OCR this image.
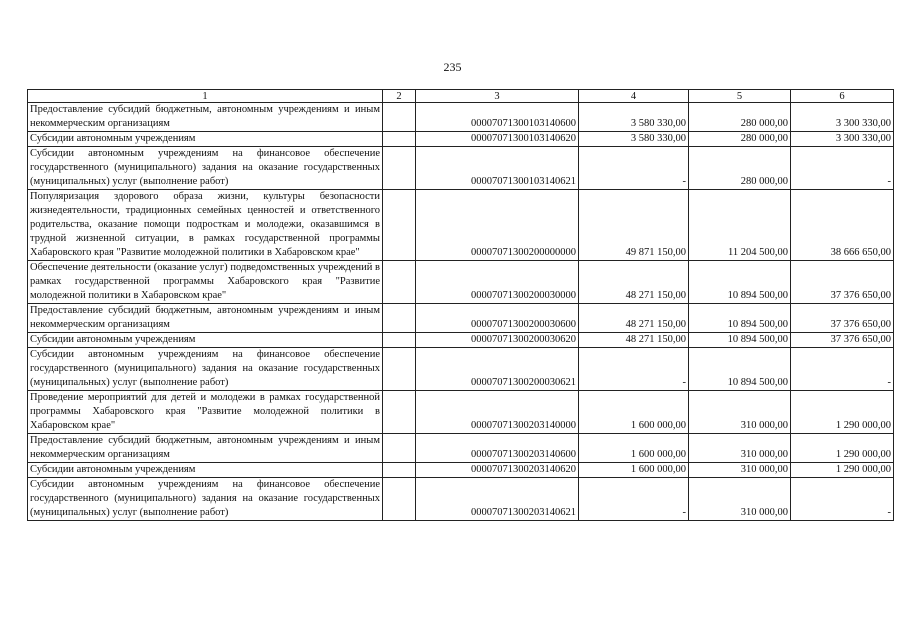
235
1	2	3	4	5	6
Предоставление субсидий бюджетным, автономным учреждениям и иным некоммерческим организациям		00007071300103140600	3 580 330,00	280 000,00	3 300 330,00
Субсидии автономным учреждениям		00007071300103140620	3 580 330,00	280 000,00	3 300 330,00
Субсидии автономным учреждениям на финансовое обеспечение государственного (муниципального) задания на оказание государственных (муниципальных) услуг (выполнение работ)		00007071300103140621	-	280 000,00	-
Популяризация здорового образа жизни, культуры безопасности жизнедеятельности, традиционных семейных ценностей и ответственного родительства, оказание помощи подросткам и молодежи, оказавшимся в трудной жизненной ситуации, в рамках государственной программы Хабаровского края "Развитие молодежной политики в Хабаровском крае"		00007071300200000000	49 871 150,00	11 204 500,00	38 666 650,00
Обеспечение деятельности (оказание услуг) подведомственных учреждений в рамках государственной программы Хабаровского края "Развитие молодежной политики в Хабаровском крае"		00007071300200030000	48 271 150,00	10 894 500,00	37 376 650,00
Предоставление субсидий бюджетным, автономным учреждениям и иным некоммерческим организациям		00007071300200030600	48 271 150,00	10 894 500,00	37 376 650,00
Субсидии автономным учреждениям		00007071300200030620	48 271 150,00	10 894 500,00	37 376 650,00
Субсидии автономным учреждениям на финансовое обеспечение государственного (муниципального) задания на оказание государственных (муниципальных) услуг (выполнение работ)		00007071300200030621	-	10 894 500,00	-
Проведение мероприятий для детей и молодежи в рамках государственной программы Хабаровского края "Развитие молодежной политики в Хабаровском крае"		00007071300203140000	1 600 000,00	310 000,00	1 290 000,00
Предоставление субсидий бюджетным, автономным учреждениям и иным некоммерческим организациям		00007071300203140600	1 600 000,00	310 000,00	1 290 000,00
Субсидии автономным учреждениям		00007071300203140620	1 600 000,00	310 000,00	1 290 000,00
Субсидии автономным учреждениям на финансовое обеспечение государственного (муниципального) задания на оказание государственных (муниципальных) услуг (выполнение работ)		00007071300203140621	-	310 000,00	-
